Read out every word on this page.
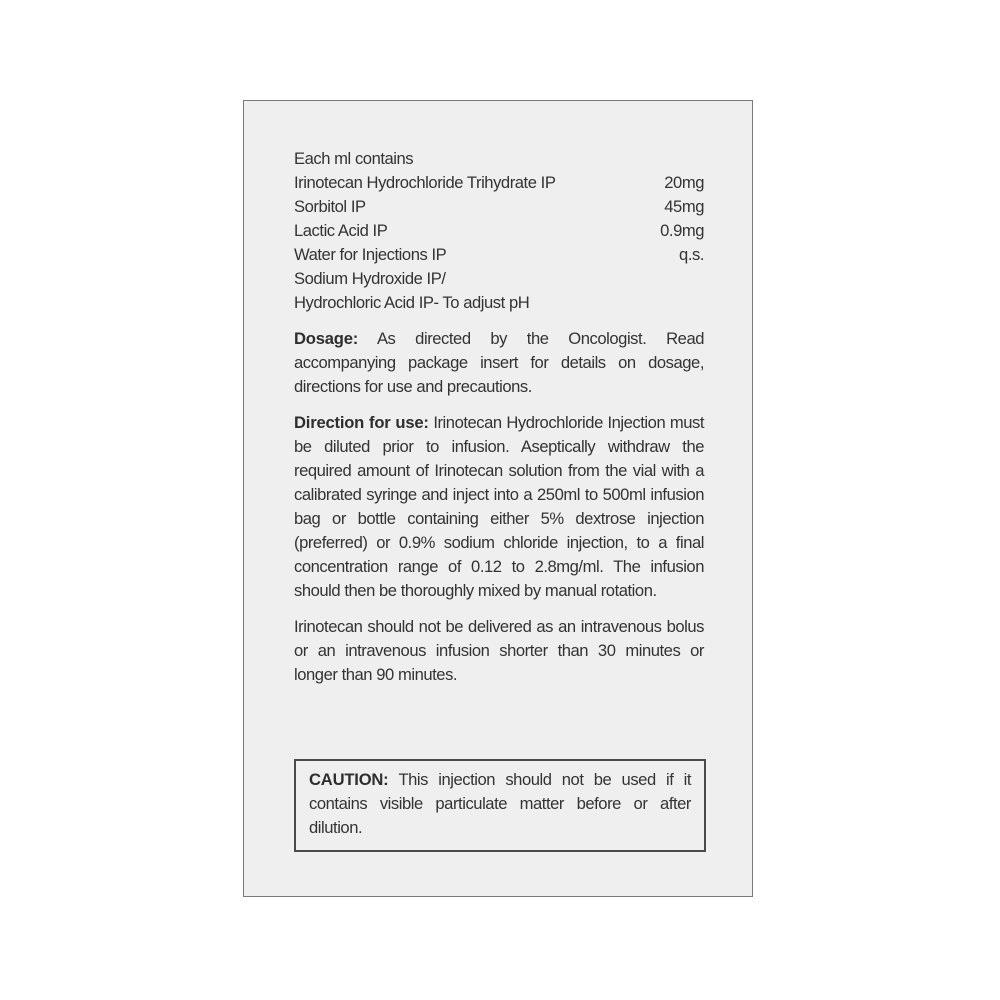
Each ml contains
Irinotecan Hydrochloride Trihydrate IP	20mg
Sorbitol IP	45mg
Lactic Acid IP	0.9mg
Water for Injections IP	q.s.
Sodium Hydroxide IP/
Hydrochloric Acid IP- To adjust pH
Dosage: As directed by the Oncologist. Read accompanying package insert for details on dosage, directions for use and precautions.
Direction for use: Irinotecan Hydrochloride Injection must be diluted prior to infusion. Aseptically withdraw the required amount of Irinotecan solution from the vial with a calibrated syringe and inject into a 250ml to 500ml infusion bag or bottle containing either 5% dextrose injection (preferred) or 0.9% sodium chloride injection, to a final concentration range of 0.12 to 2.8mg/ml. The infusion should then be thoroughly mixed by manual rotation.
Irinotecan should not be delivered as an intravenous bolus or an intravenous infusion shorter than 30 minutes or longer than 90 minutes.
CAUTION: This injection should not be used if it contains visible particulate matter before or after dilution.
